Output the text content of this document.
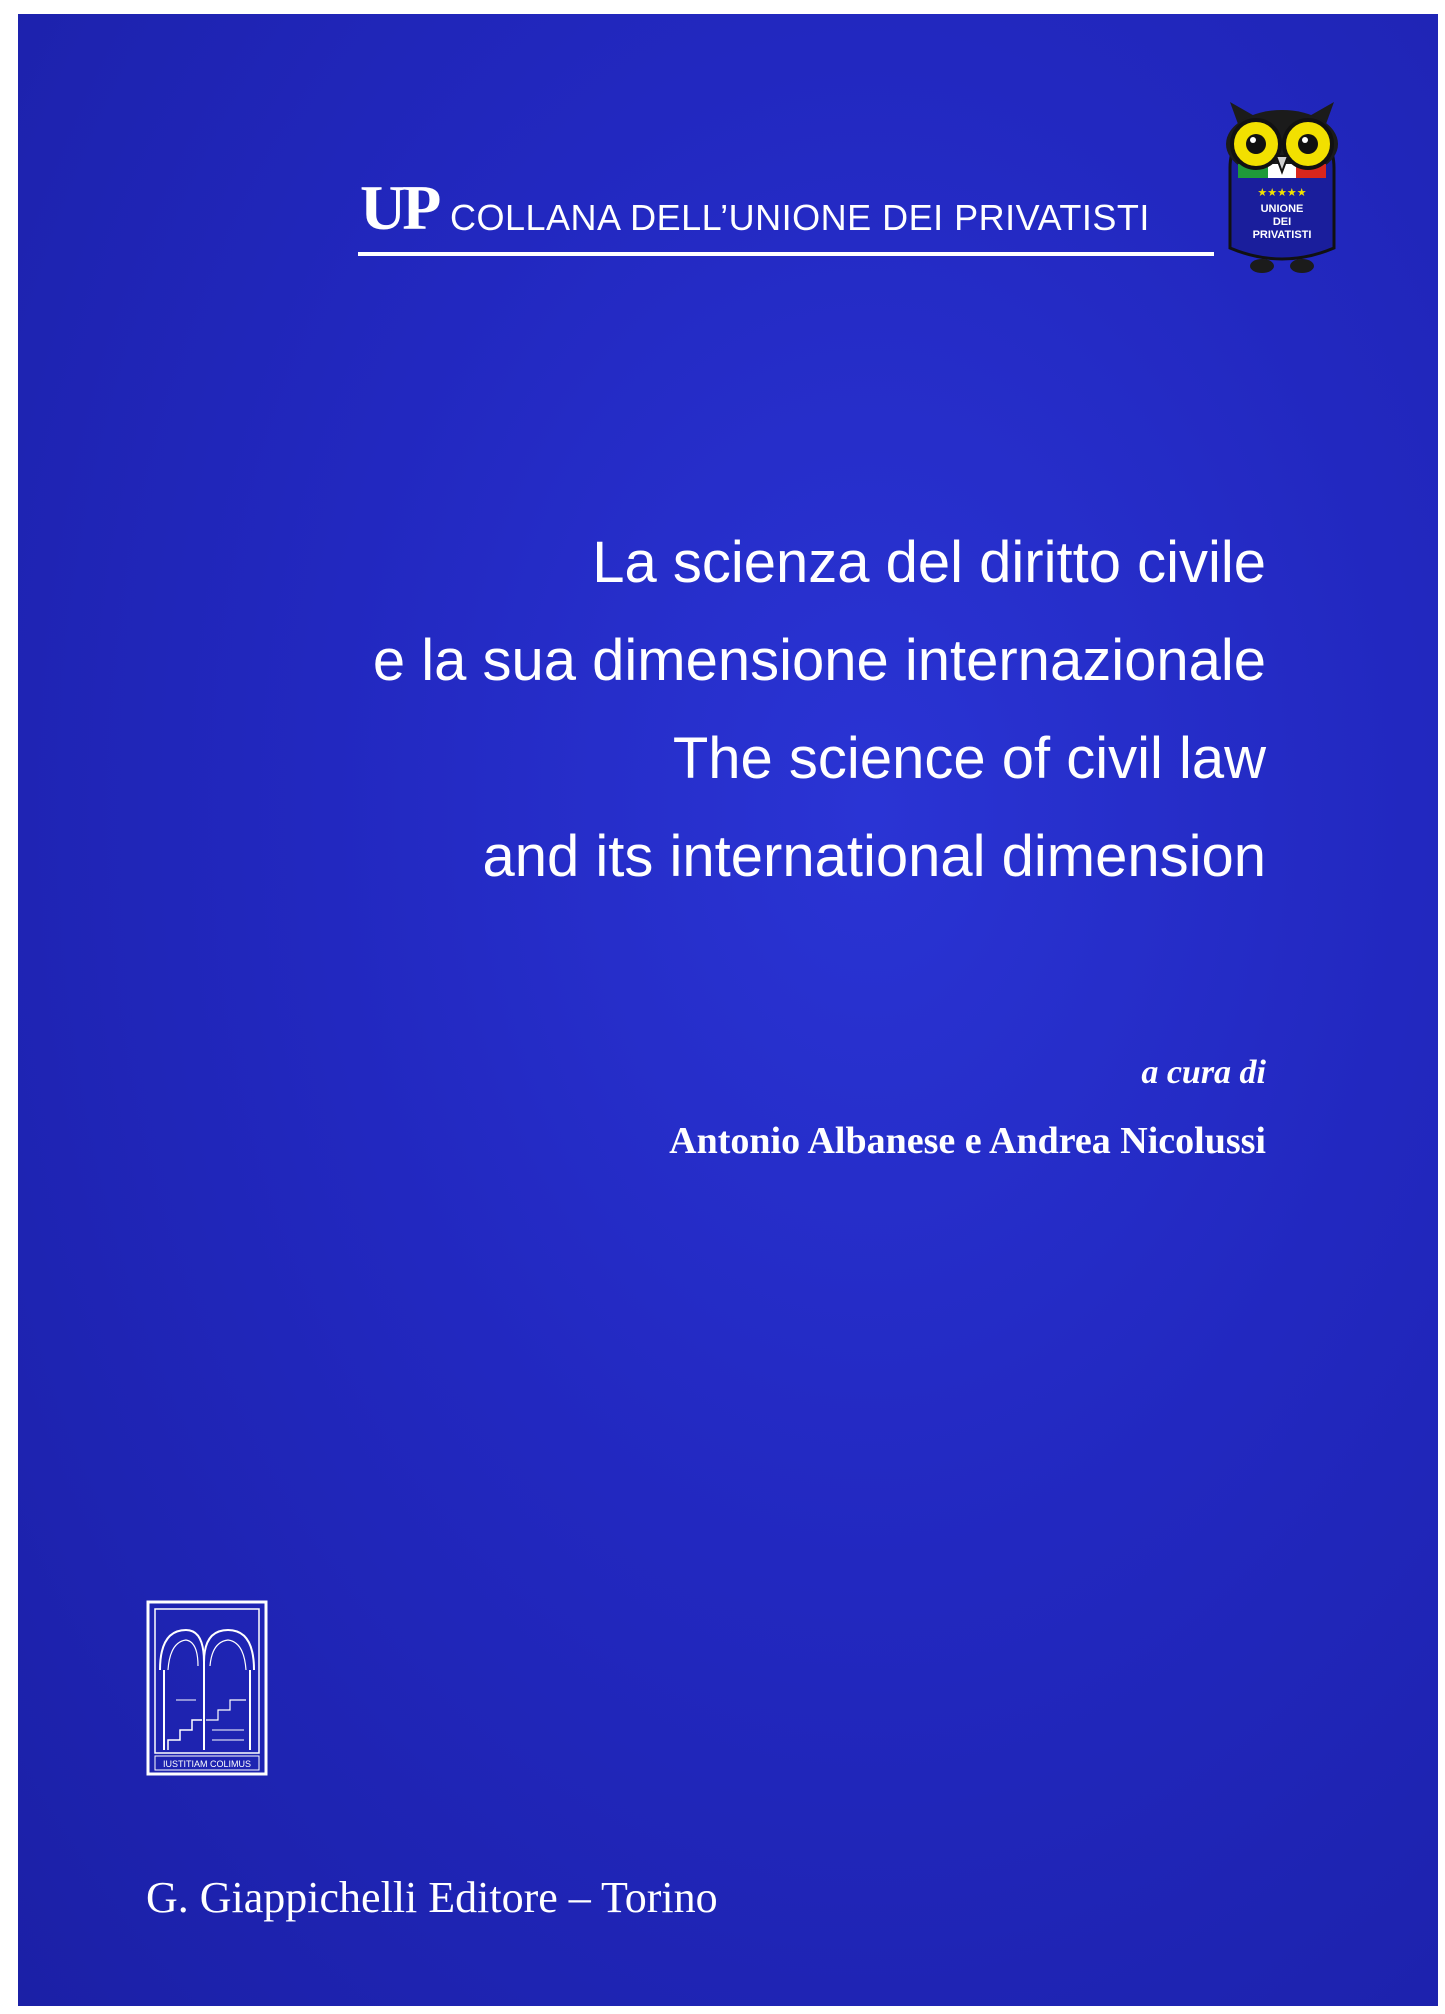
UP COLLANA DELL’UNIONE DEI PRIVATISTI
★★★★★
UNIONE
DEI
PRIVATISTI
La scienza del diritto civile
e la sua dimensione internazionale
The science of civil law
and its international dimension
a cura di
Antonio Albanese e Andrea Nicolussi
IUSTITIAM COLIMUS
G. Giappichelli Editore – Torino
